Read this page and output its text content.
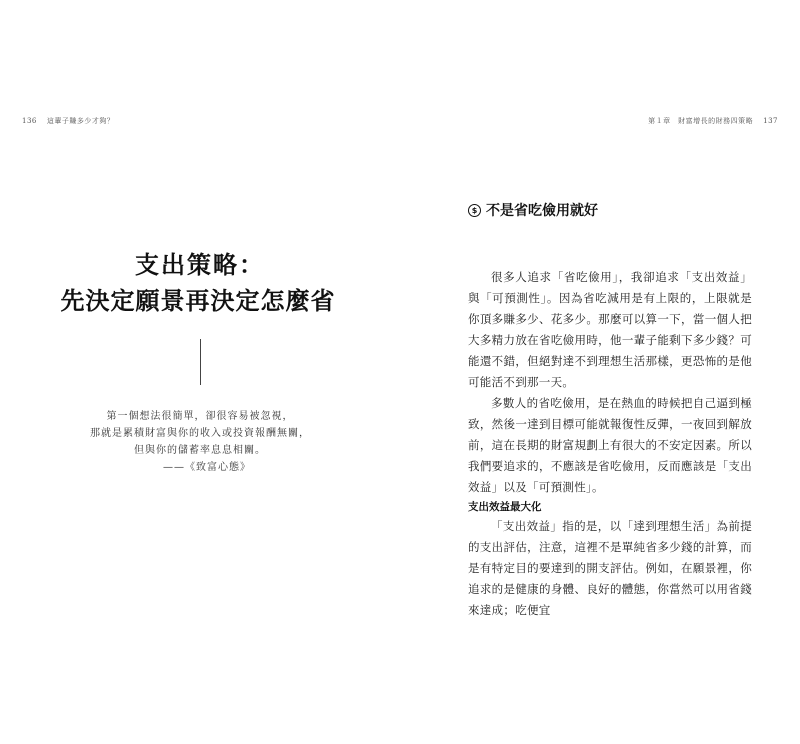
136 這輩子賺多少才夠？
支出策略：
先決定願景再決定怎麼省
第一個想法很簡單，卻很容易被忽視，
那就是累積財富與你的收入或投資報酬無關，
但與你的儲蓄率息息相關。
——《致富心態》
第１章　財富增長的財務四策略 137
$ 不是省吃儉用就好

很多人追求「省吃儉用」，我卻追求「支出效益」與「可預測性」。因為省吃減用是有上限的，上限就是你頂多賺多少、花多少。那麼可以算一下，當一個人把大多精力放在省吃儉用時，他一輩子能剩下多少錢？可能還不錯，但絕對達不到理想生活那樣，更恐怖的是他可能活不到那一天。

多數人的省吃儉用，是在熱血的時候把自己逼到極致，然後一達到目標可能就報復性反彈，一夜回到解放前，這在長期的財富規劃上有很大的不安定因素。所以我們要追求的，不應該是省吃儉用，反而應該是「支出效益」以及「可預測性」。

支出效益最大化

「支出效益」指的是，以「達到理想生活」為前提的支出評估，注意，這裡不是單純省多少錢的計算，而是有特定目的要達到的開支評估。例如，在願景裡，你追求的是健康的身體、良好的體態，你當然可以用省錢來達成；吃便宜
